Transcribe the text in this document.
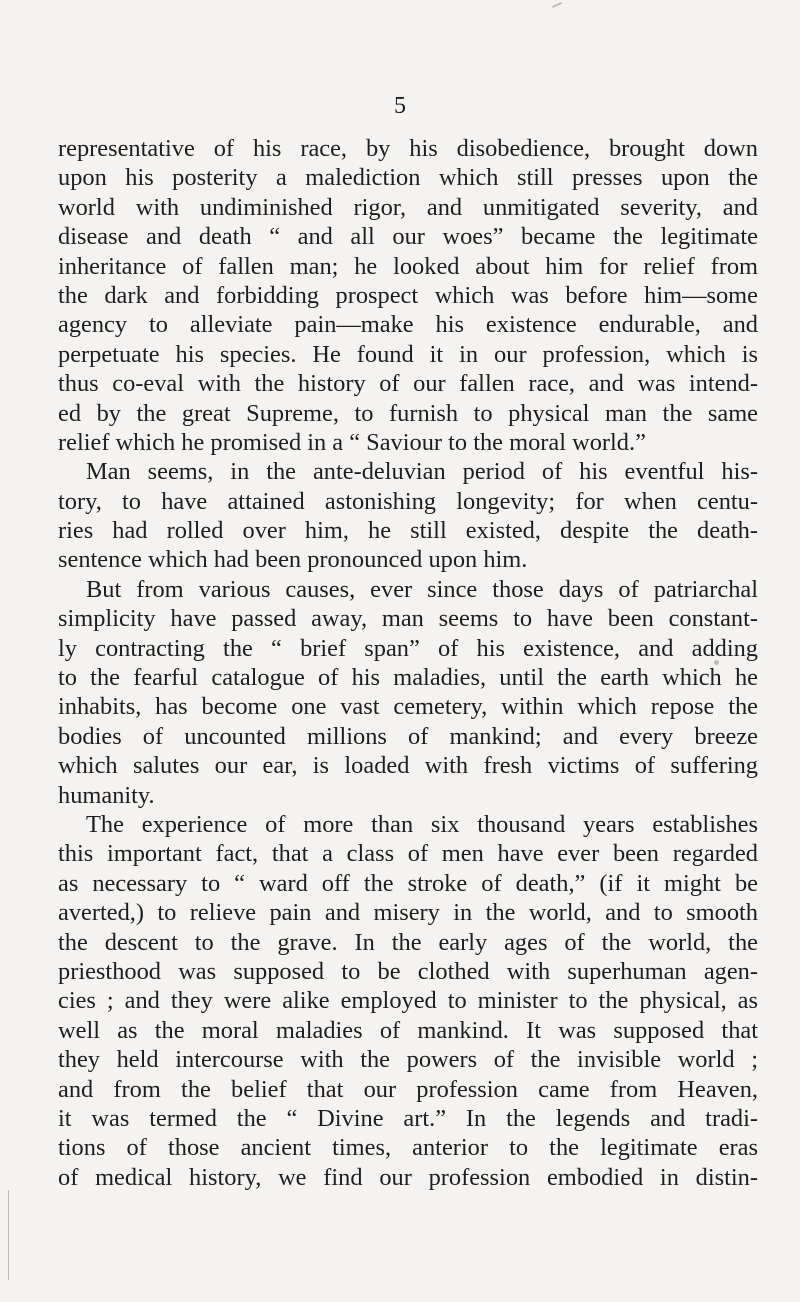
5
representative of his race, by his disobedience, brought down
upon his posterity a malediction which still presses upon the
world with undiminished rigor, and unmitigated severity, and
disease and death “ and all our woes” became the legitimate
inheritance of fallen man; he looked about him for relief from
the dark and forbidding prospect which was before him—some
agency to alleviate pain—make his existence endurable, and
perpetuate his species. He found it in our profession, which is
thus co-eval with the history of our fallen race, and was intend-
ed by the great Supreme, to furnish to physical man the same
relief which he promised in a “ Saviour to the moral world.”
Man seems, in the ante-deluvian period of his eventful his-
tory, to have attained astonishing longevity; for when centu-
ries had rolled over him, he still existed, despite the death-
sentence which had been pronounced upon him.
But from various causes, ever since those days of patriarchal
simplicity have passed away, man seems to have been constant-
ly contracting the “ brief span” of his existence, and adding
to the fearful catalogue of his maladies, until the earth which he
inhabits, has become one vast cemetery, within which repose the
bodies of uncounted millions of mankind; and every breeze
which salutes our ear, is loaded with fresh victims of suffering
humanity.
The experience of more than six thousand years establishes
this important fact, that a class of men have ever been regarded
as necessary to “ ward off the stroke of death,” (if it might be
averted,) to relieve pain and misery in the world, and to smooth
the descent to the grave. In the early ages of the world, the
priesthood was supposed to be clothed with superhuman agen-
cies ; and they were alike employed to minister to the physical, as
well as the moral maladies of mankind. It was supposed that
they held intercourse with the powers of the invisible world ;
and from the belief that our profession came from Heaven,
it was termed the “ Divine art.” In the legends and tradi-
tions of those ancient times, anterior to the legitimate eras
of medical history, we find our profession embodied in distin-
